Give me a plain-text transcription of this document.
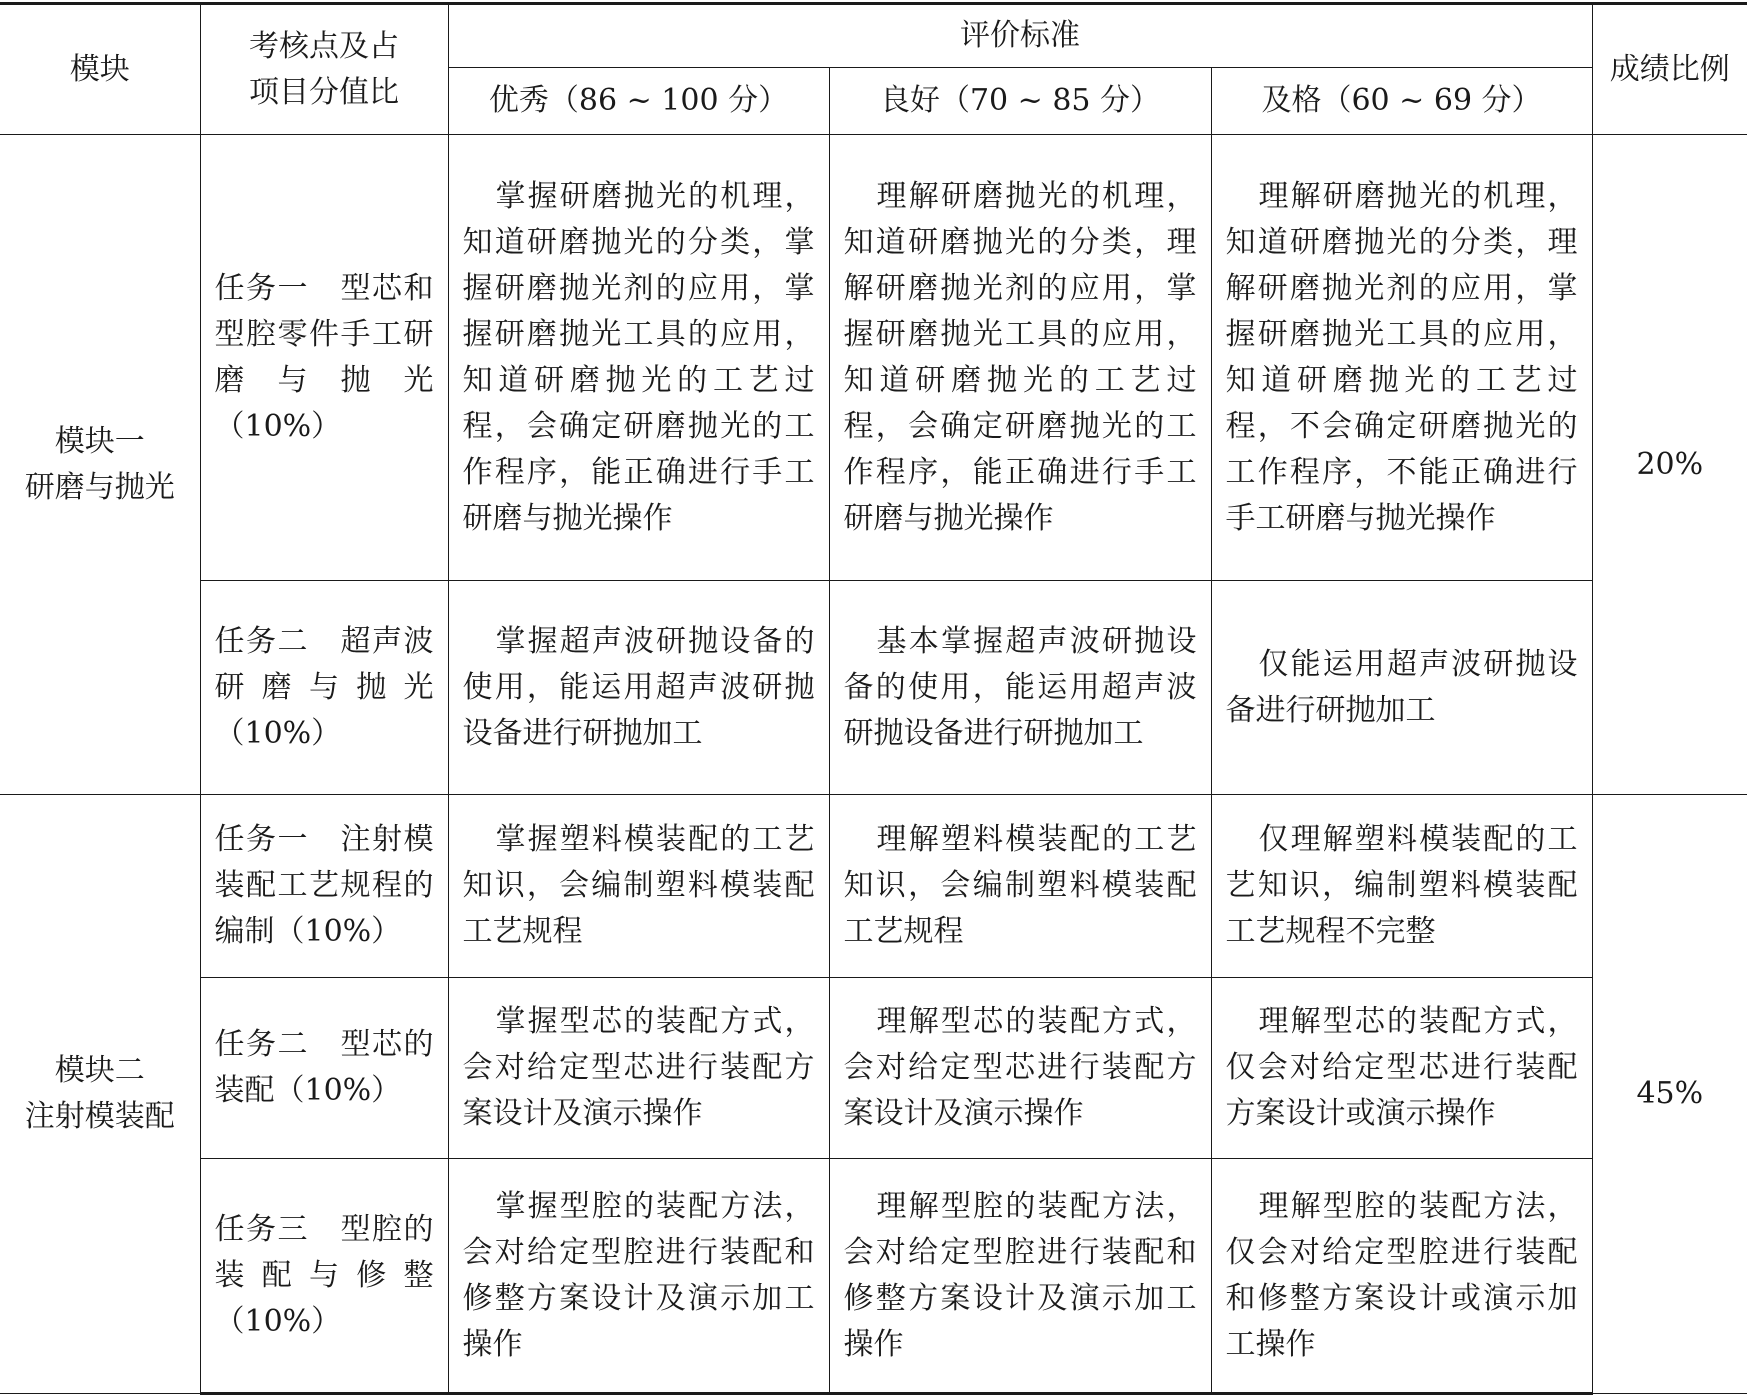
模块	考核点及占项目分值比	评价标准			成绩比例
		优秀（86 ~ 100 分）	良好（70 ~ 85 分）	及格（60 ~ 69 分）	

模块一
研磨与抛光	任务一　型芯和型腔零件手工研磨与抛光（10%）	掌握研磨抛光的机理，知道研磨抛光的分类，掌握研磨抛光剂的应用，掌握研磨抛光工具的应用，知道研磨抛光的工艺过程，会确定研磨抛光的工作程序，能正确进行手工研磨与抛光操作	理解研磨抛光的机理，知道研磨抛光的分类，理解研磨抛光剂的应用，掌握研磨抛光工具的应用，知道研磨抛光的工艺过程，会确定研磨抛光的工作程序，能正确进行手工研磨与抛光操作	理解研磨抛光的机理，知道研磨抛光的分类，理解研磨抛光剂的应用，掌握研磨抛光工具的应用，知道研磨抛光的工艺过程，不会确定研磨抛光的工作程序，不能正确进行手工研磨与抛光操作	20%
	任务二　超声波研磨与抛光（10%）	掌握超声波研抛设备的使用，能运用超声波研抛设备进行研抛加工	基本掌握超声波研抛设备的使用，能运用超声波研抛设备进行研抛加工	仅能运用超声波研抛设备进行研抛加工	

模块二
注射模装配	任务一　注射模装配工艺规程的编制（10%）	掌握塑料模装配的工艺知识，会编制塑料模装配工艺规程	理解塑料模装配的工艺知识，会编制塑料模装配工艺规程	仅理解塑料模装配的工艺知识，编制塑料模装配工艺规程不完整	45%
	任务二　型芯的装配（10%）	掌握型芯的装配方式，会对给定型芯进行装配方案设计及演示操作	理解型芯的装配方式，会对给定型芯进行装配方案设计及演示操作	理解型芯的装配方式，仅会对给定型芯进行装配方案设计或演示操作	
	任务三　型腔的装配与修整（10%）	掌握型腔的装配方法，会对给定型腔进行装配和修整方案设计及演示加工操作	理解型腔的装配方法，会对给定型腔进行装配和修整方案设计及演示加工操作	理解型腔的装配方法，仅会对给定型腔进行装配和修整方案设计或演示加工操作	
